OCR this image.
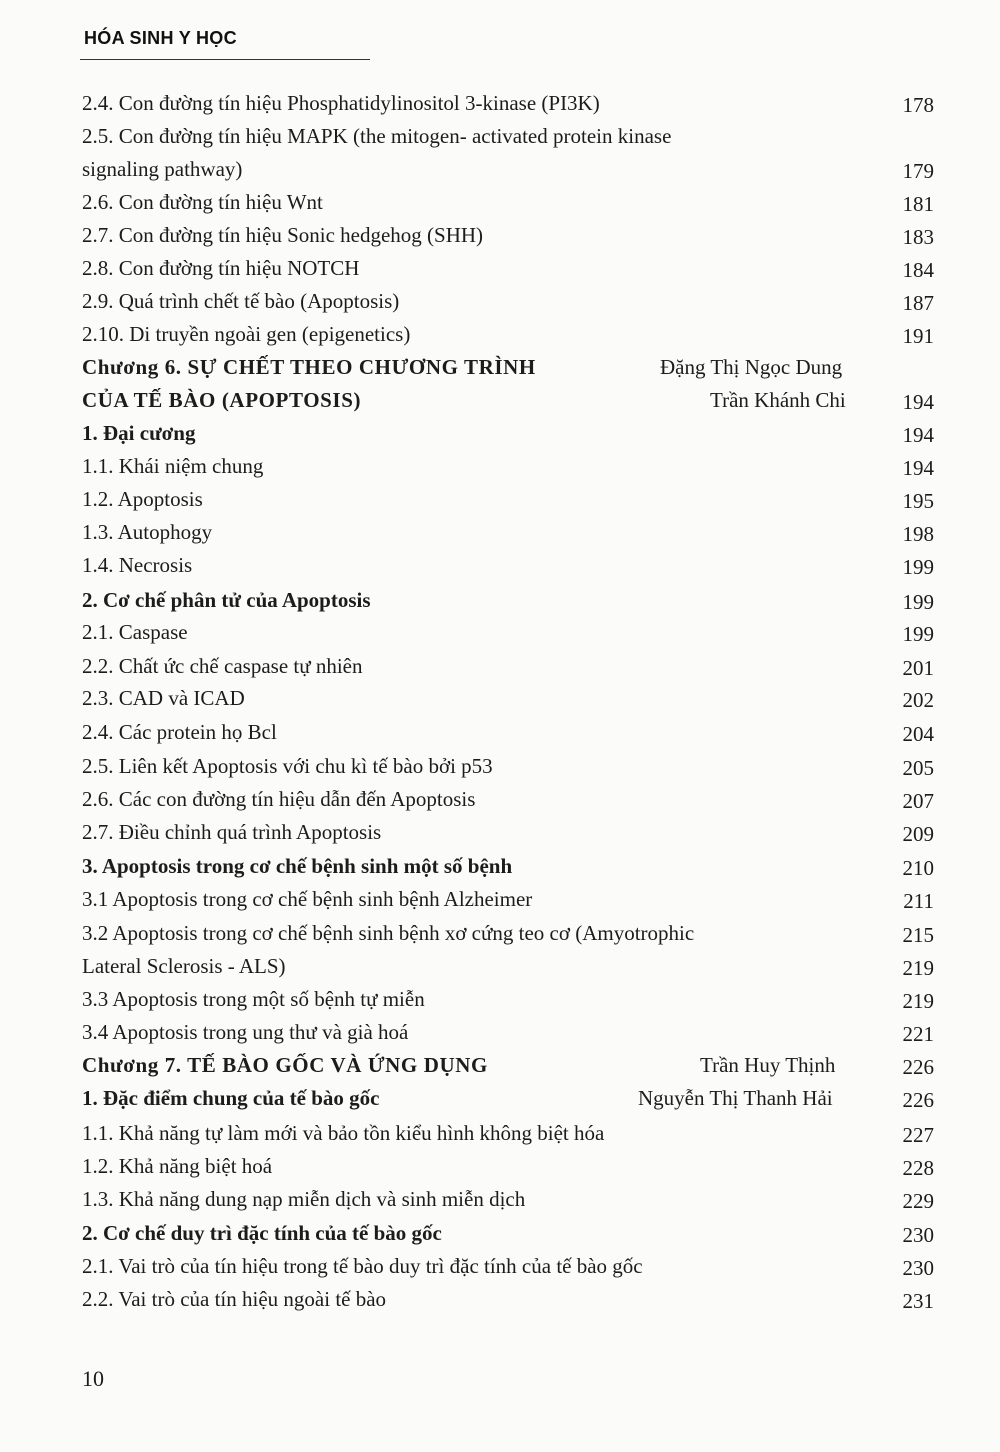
HÓA SINH Y HỌC
2.4. Con đường tín hiệu Phosphatidylinositol 3-kinase (PI3K)	178
2.5. Con đường tín hiệu MAPK (the mitogen- activated protein kinase
signaling pathway)	179
2.6. Con đường tín hiệu Wnt	181
2.7. Con đường tín hiệu Sonic hedgehog (SHH)	183
2.8. Con đường tín hiệu NOTCH	184
2.9. Quá trình chết tế bào (Apoptosis)	187
2.10. Di truyền ngoài gen (epigenetics)	191
Chương 6. SỰ CHẾT THEO CHƯƠNG TRÌNH	Đặng Thị Ngọc Dung
CỦA TẾ BÀO (APOPTOSIS)	Trần Khánh Chi	194
1. Đại cương	194
1.1. Khái niệm chung	194
1.2. Apoptosis	195
1.3. Autophogy	198
1.4. Necrosis	199
2. Cơ chế phân tử của Apoptosis	199
2.1. Caspase	199
2.2. Chất ức chế caspase tự nhiên	201
2.3. CAD và ICAD	202
2.4. Các protein họ Bcl	204
2.5. Liên kết Apoptosis với chu kì tế bào bởi p53	205
2.6. Các con đường tín hiệu dẫn đến Apoptosis	207
2.7. Điều chỉnh quá trình Apoptosis	209
3. Apoptosis trong cơ chế bệnh sinh một số bệnh	210
3.1 Apoptosis trong cơ chế bệnh sinh bệnh Alzheimer	211
3.2 Apoptosis trong cơ chế bệnh sinh bệnh xơ cứng teo cơ (Amyotrophic	215
Lateral Sclerosis - ALS)	219
3.3 Apoptosis trong một số bệnh tự miễn	219
3.4 Apoptosis trong ung thư và già hoá	221
Chương 7. TẾ BÀO GỐC VÀ ỨNG DỤNG	Trần Huy Thịnh	226
1. Đặc điểm chung của tế bào gốc	Nguyễn Thị Thanh Hải	226
1.1. Khả năng tự làm mới và bảo tồn kiểu hình không biệt hóa	227
1.2. Khả năng biệt hoá	228
1.3. Khả năng dung nạp miễn dịch và sinh miễn dịch	229
2. Cơ chế duy trì đặc tính của tế bào gốc	230
2.1. Vai trò của tín hiệu trong tế bào duy trì đặc tính của tế bào gốc	230
2.2. Vai trò của tín hiệu ngoài tế bào	231
10
